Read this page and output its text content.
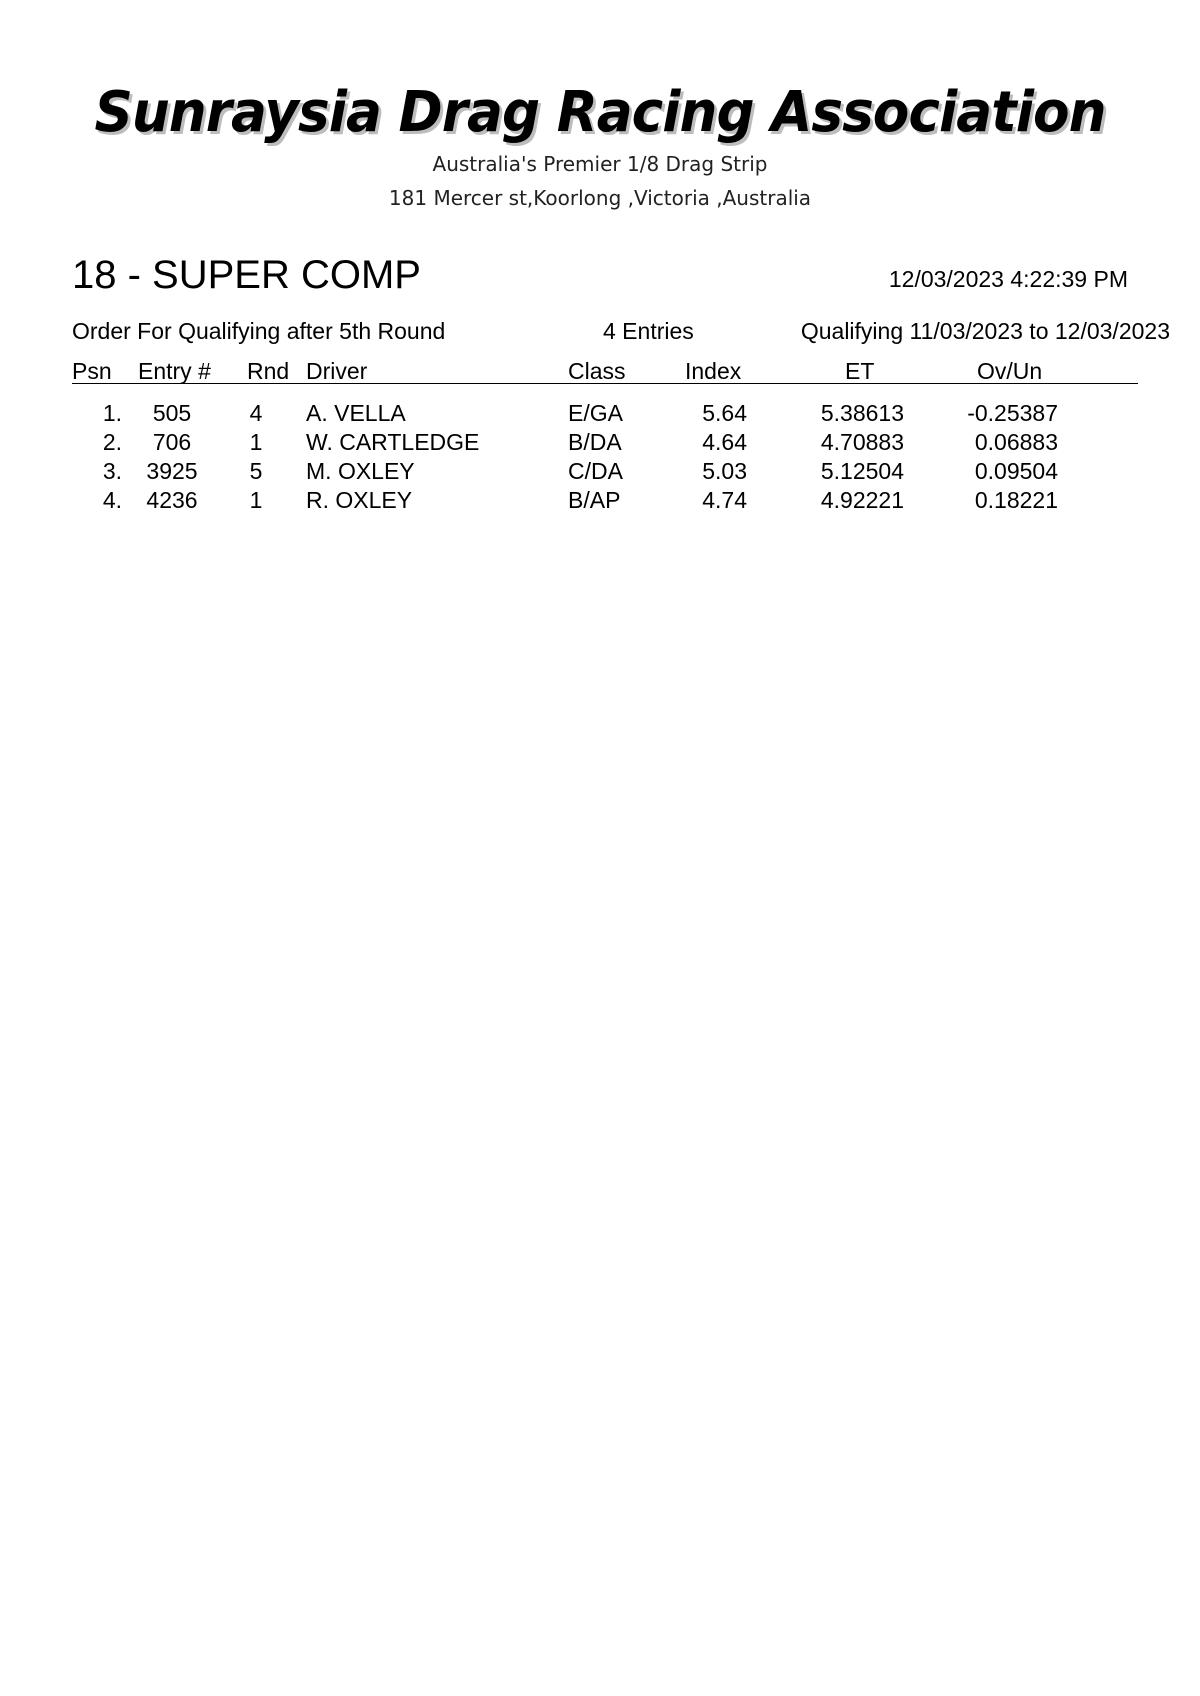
Sunraysia Drag Racing Association
Australia's Premier 1/8 Drag Strip
181 Mercer st,Koorlong ,Victoria ,Australia
18 - SUPER COMP	12/03/2023 4:22:39 PM
Order For Qualifying after 5th Round	4 Entries	Qualifying 11/03/2023 to 12/03/2023
Psn Entry # Rnd Driver	Class	Index	ET	Ov/Un
1.	505	4 A. VELLA	E/GA	5.64	5.38613	-0.25387
2.	706	1 W. CARTLEDGE	B/DA	4.64	4.70883	0.06883
3.	3925	5 M. OXLEY	C/DA	5.03	5.12504	0.09504
4.	4236	1 R. OXLEY	B/AP	4.74	4.92221	0.18221
